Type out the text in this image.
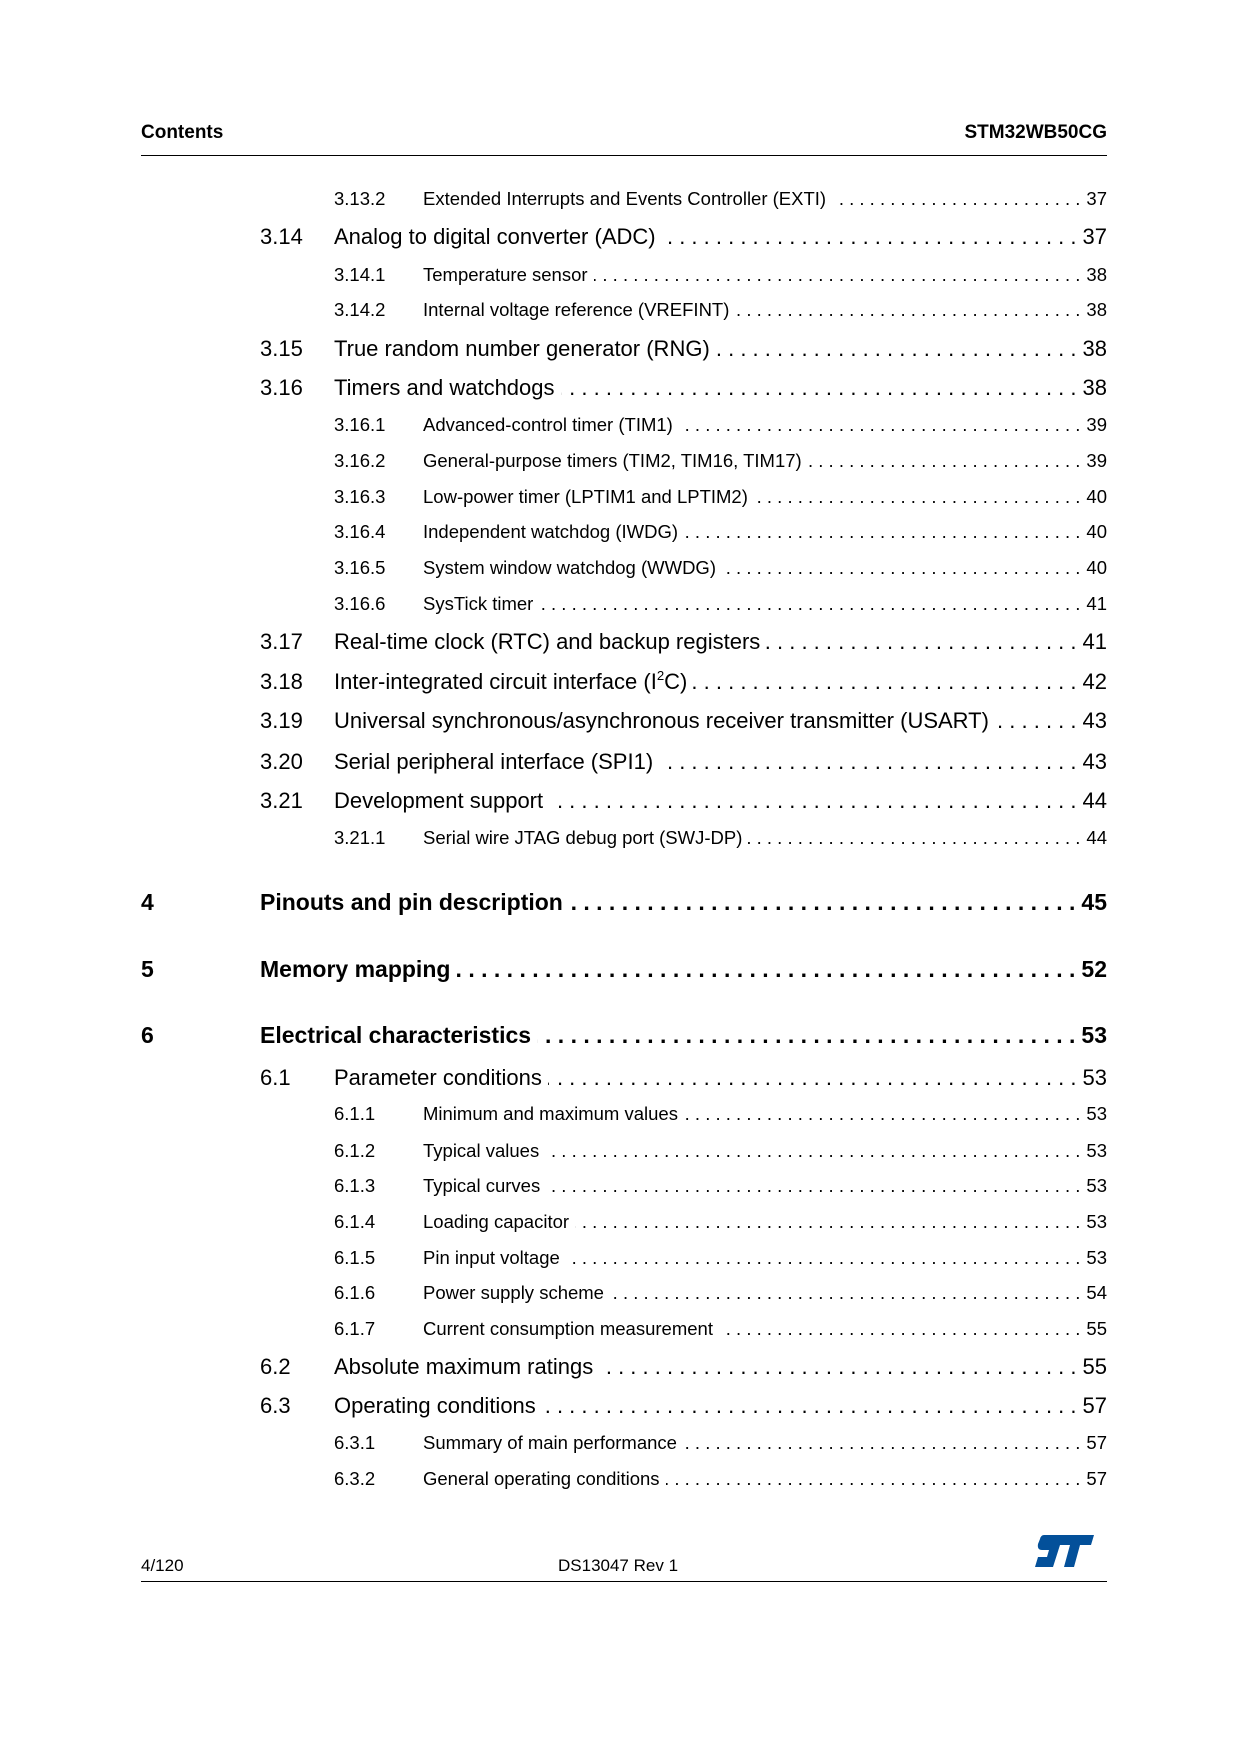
Contents	STM32WB50CG
3.13.2	Extended Interrupts and Events Controller (EXTI) . . .	37
3.14	Analog to digital converter (ADC) . . .	37
3.14.1	Temperature sensor . . .	38
3.14.2	Internal voltage reference (VREFINT) . . .	38
3.15	True random number generator (RNG) . . .	38
3.16	Timers and watchdogs . . .	38
3.16.1	Advanced-control timer (TIM1) . . .	39
3.16.2	General-purpose timers (TIM2, TIM16, TIM17) . . .	39
3.16.3	Low-power timer (LPTIM1 and LPTIM2) . . .	40
3.16.4	Independent watchdog (IWDG) . . .	40
3.16.5	System window watchdog (WWDG) . . .	40
3.16.6	SysTick timer . . .	41
3.17	Real-time clock (RTC) and backup registers . . .	41
3.18	Inter-integrated circuit interface $(I^2C)$ . . .	42
3.19	Universal synchronous/asynchronous receiver transmitter (USART) . . .	43
3.20	Serial peripheral interface (SPI1) . . .	43
3.21	Development support . . .	44
3.21.1	Serial wire JTAG debug port (SWJ-DP) . . .	44
4	Pinouts and pin description . . .	45
5	Memory mapping . . .	52
6	Electrical characteristics . . .	53
6.1	Parameter conditions . . .	53
6.1.1	Minimum and maximum values . . .	53
6.1.2	Typical values . . .	53
6.1.3	Typical curves . . .	53
6.1.4	Loading capacitor . . .	53
6.1.5	Pin input voltage . . .	53
6.1.6	Power supply scheme . . .	54
6.1.7	Current consumption measurement . . .	55
6.2	Absolute maximum ratings . . .	55
6.3	Operating conditions . . .	57
6.3.1	Summary of main performance . . .	57
6.3.2	General operating conditions . . .	57
4/120	DS13047 Rev 1
